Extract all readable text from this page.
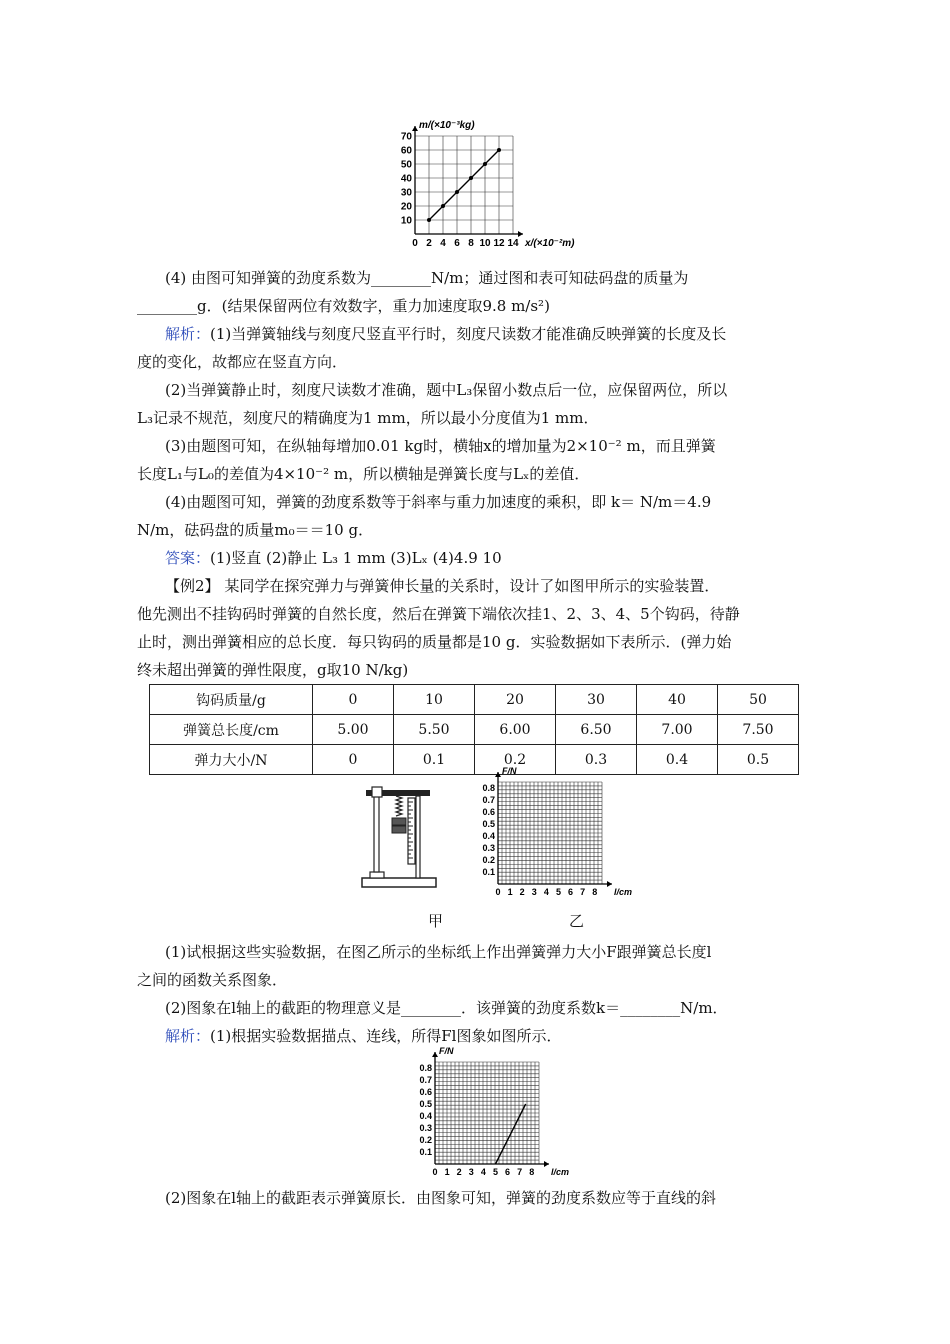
0 2 4 6 8 10 12 14
10
20
30
40
50
60
70
m/(×10⁻³kg)
x/(×10⁻²m)
(4) 由图可知弹簧的劲度系数为________N/m；通过图和表可知砝码盘的质量为
________g．(结果保留两位有效数字，重力加速度取9.8 m/s²)
解析：(1)当弹簧轴线与刻度尺竖直平行时，刻度尺读数才能准确反映弹簧的长度及长
度的变化，故都应在竖直方向．
(2)当弹簧静止时，刻度尺读数才准确，题中L₃保留小数点后一位，应保留两位，所以
L₃记录不规范，刻度尺的精确度为1 mm，所以最小分度值为1 mm．
(3)由题图可知，在纵轴每增加0.01 kg时，横轴x的增加量为2×10⁻² m，而且弹簧
长度L₁与L₀的差值为4×10⁻² m，所以横轴是弹簧长度与Lₓ的差值．
(4)由题图可知，弹簧的劲度系数等于斜率与重力加速度的乘积，即 k＝ N/m＝4.9
N/m，砝码盘的质量m₀＝＝10 g．
答案：(1)竖直 (2)静止 L₃ 1 mm (3)Lₓ (4)4.9 10
【例2】 某同学在探究弹力与弹簧伸长量的关系时，设计了如图甲所示的实验装置．
他先测出不挂钩码时弹簧的自然长度，然后在弹簧下端依次挂1、2、3、4、5个钩码，待静
止时，测出弹簧相应的总长度．每只钩码的质量都是10 g．实验数据如下表所示．(弹力始
终未超出弹簧的弹性限度，g取10 N/kg)
钩码质量/g	0	10	20	30	40	50
弹簧总长度/cm	5.00	5.50	6.00	6.50	7.00	7.50
弹力大小/N	0	0.1	0.2	0.3	0.4	0.5
0 1 2 3 4 5 6 7 8
0.1
0.2
0.3
0.4
0.5
0.6
0.7
0.8
F/N
l/cm
甲	乙
(1)试根据这些实验数据，在图乙所示的坐标纸上作出弹簧弹力大小F跟弹簧总长度l
之间的函数关系图象．
(2)图象在l轴上的截距的物理意义是________．该弹簧的劲度系数k＝________N/m．
解析：(1)根据实验数据描点、连线，所得Fl图象如图所示．
0 1 2 3 4 5 6 7 8
0.1
0.2
0.3
0.4
0.5
0.6
0.7
0.8
F/N
l/cm
(2)图象在l轴上的截距表示弹簧原长．由图象可知，弹簧的劲度系数应等于直线的斜
